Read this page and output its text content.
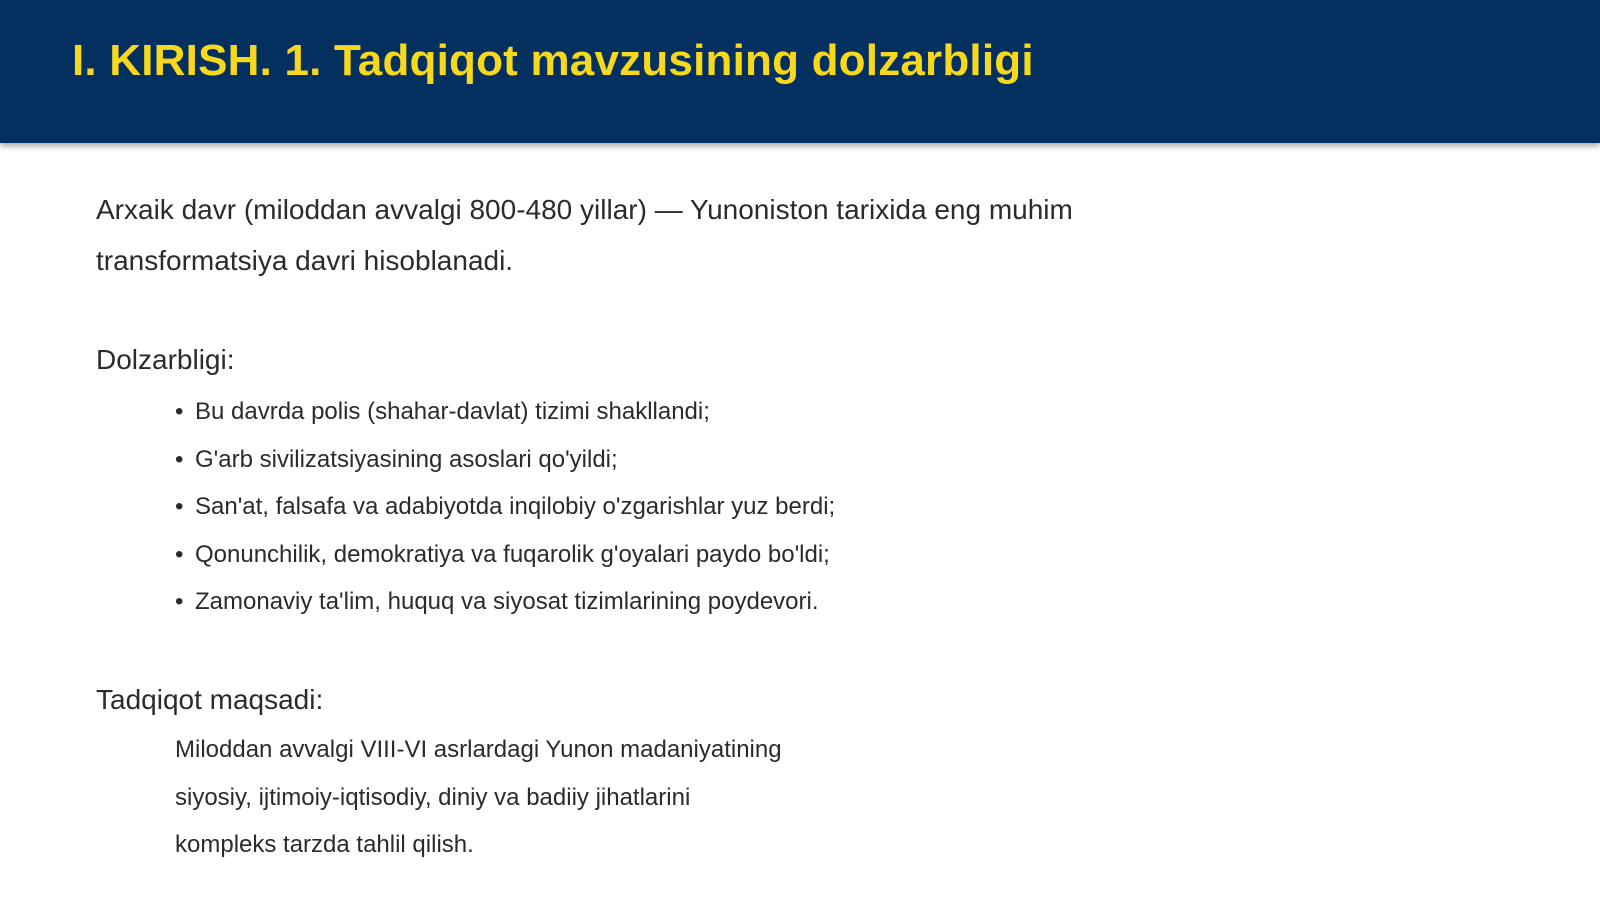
I. KIRISH. 1. Tadqiqot mavzusining dolzarbligi

Arxaik davr (miloddan avvalgi 800-480 yillar) — Yunoniston tarixida eng muhim transformatsiya davri hisoblanadi.

Dolzarbligi:

• Bu davrda polis (shahar-davlat) tizimi shakllandi;
• G'arb sivilizatsiyasining asoslari qo'yildi;
• San'at, falsafa va adabiyotda inqilobiy o'zgarishlar yuz berdi;
• Qonunchilik, demokratiya va fuqarolik g'oyalari paydo bo'ldi;
• Zamonaviy ta'lim, huquq va siyosat tizimlarining poydevori.

Tadqiqot maqsadi:

Miloddan avvalgi VIII-VI asrlardagi Yunon madaniyatining
siyosiy, ijtimoiy-iqtisodiy, diniy va badiiy jihatlarini
kompleks tarzda tahlil qilish.
